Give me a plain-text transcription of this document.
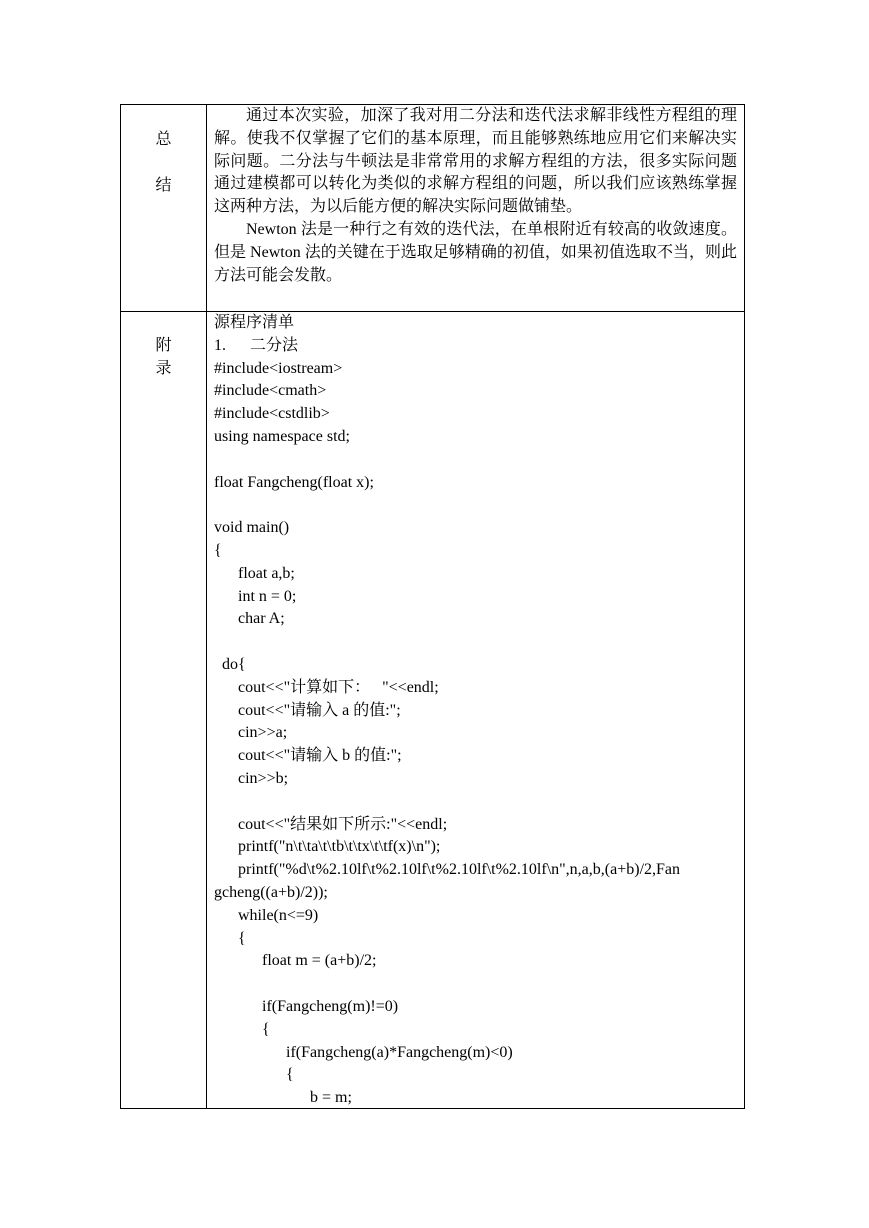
总
结

通过本次实验，加深了我对用二分法和迭代法求解非线性方程组的理解。使我不仅掌握了它们的基本原理，而且能够熟练地应用它们来解决实际问题。二分法与牛顿法是非常常用的求解方程组的方法，很多实际问题通过建模都可以转化为类似的求解方程组的问题，所以我们应该熟练掌握这两种方法，为以后能方便的解决实际问题做铺垫。

Newton 法是一种行之有效的迭代法，在单根附近有较高的收敛速度。但是 Newton 法的关键在于选取足够精确的初值，如果初值选取不当，则此方法可能会发散。

附
录
源程序清单
1.      二分法
#include<iostream>
#include<cmath>
#include<cstdlib>
using namespace std;
float Fangcheng(float x);
void main()
{
float a,b;
int n = 0;
char A;
do{
cout<<"计算如下：   "<<endl;
cout<<"请输入 a 的值:";
cin>>a;
cout<<"请输入 b 的值:";
cin>>b;
cout<<"结果如下所示:"<<endl;
printf("n\t\ta\t\tb\t\tx\t\tf(x)\n");
printf("%d\t%2.10lf\t%2.10lf\t%2.10lf\t%2.10lf\n",n,a,b,(a+b)/2,Fan
gcheng((a+b)/2));
while(n<=9)
{
float m = (a+b)/2;
if(Fangcheng(m)!=0)
{
if(Fangcheng(a)*Fangcheng(m)<0)
{
b = m;
